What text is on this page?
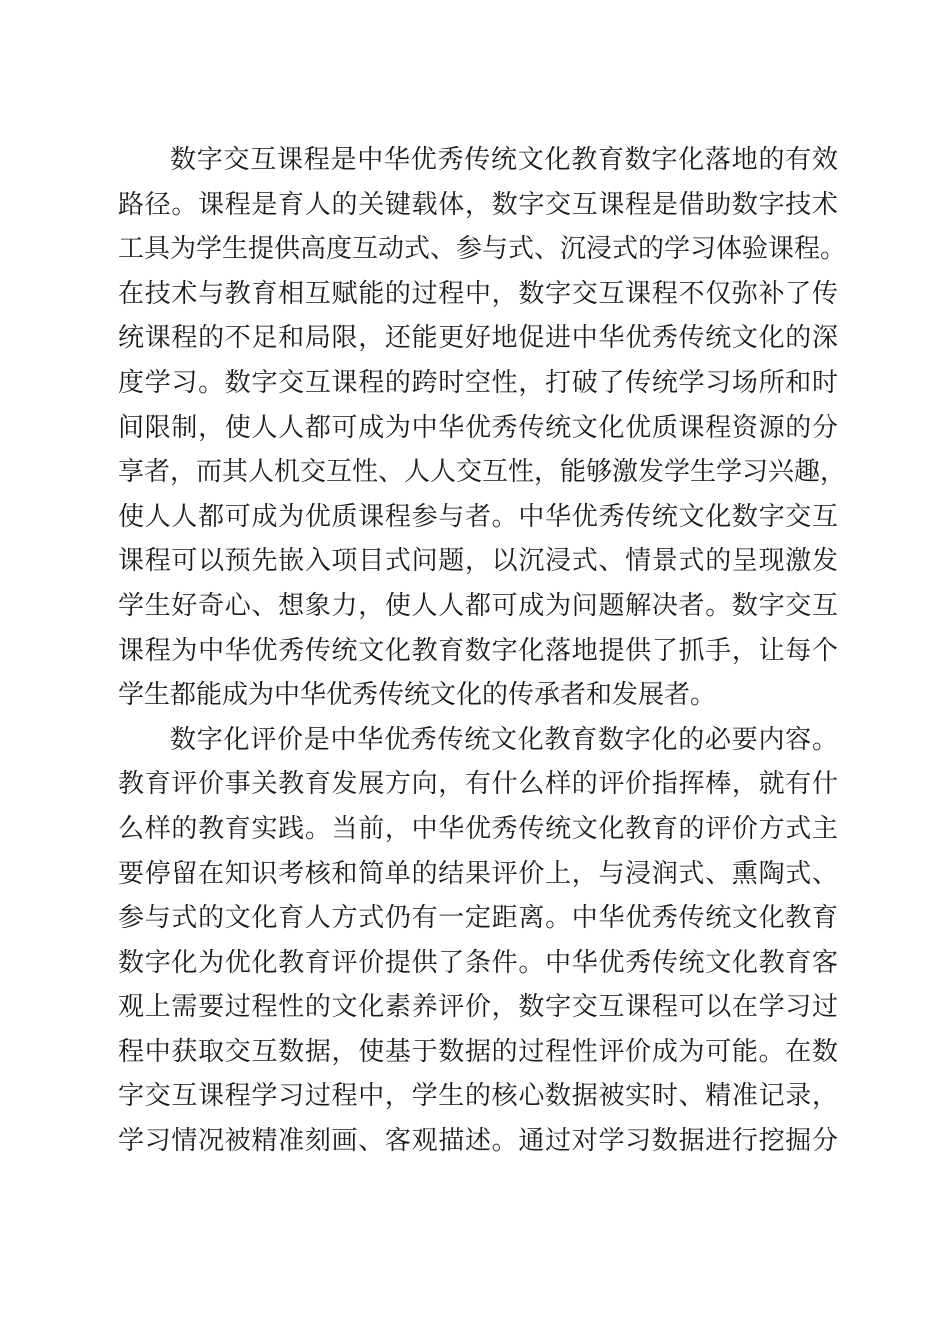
数字交互课程是中华优秀传统文化教育数字化落地的有效
路径。课程是育人的关键载体，数字交互课程是借助数字技术
工具为学生提供高度互动式、参与式、沉浸式的学习体验课程。
在技术与教育相互赋能的过程中，数字交互课程不仅弥补了传
统课程的不足和局限，还能更好地促进中华优秀传统文化的深
度学习。数字交互课程的跨时空性，打破了传统学习场所和时
间限制，使人人都可成为中华优秀传统文化优质课程资源的分
享者，而其人机交互性、人人交互性，能够激发学生学习兴趣，
使人人都可成为优质课程参与者。中华优秀传统文化数字交互
课程可以预先嵌入项目式问题，以沉浸式、情景式的呈现激发
学生好奇心、想象力，使人人都可成为问题解决者。数字交互
课程为中华优秀传统文化教育数字化落地提供了抓手，让每个
学生都能成为中华优秀传统文化的传承者和发展者。
数字化评价是中华优秀传统文化教育数字化的必要内容。
教育评价事关教育发展方向，有什么样的评价指挥棒，就有什
么样的教育实践。当前，中华优秀传统文化教育的评价方式主
要停留在知识考核和简单的结果评价上，与浸润式、熏陶式、
参与式的文化育人方式仍有一定距离。中华优秀传统文化教育
数字化为优化教育评价提供了条件。中华优秀传统文化教育客
观上需要过程性的文化素养评价，数字交互课程可以在学习过
程中获取交互数据，使基于数据的过程性评价成为可能。在数
字交互课程学习过程中，学生的核心数据被实时、精准记录，
学习情况被精准刻画、客观描述。通过对学习数据进行挖掘分
